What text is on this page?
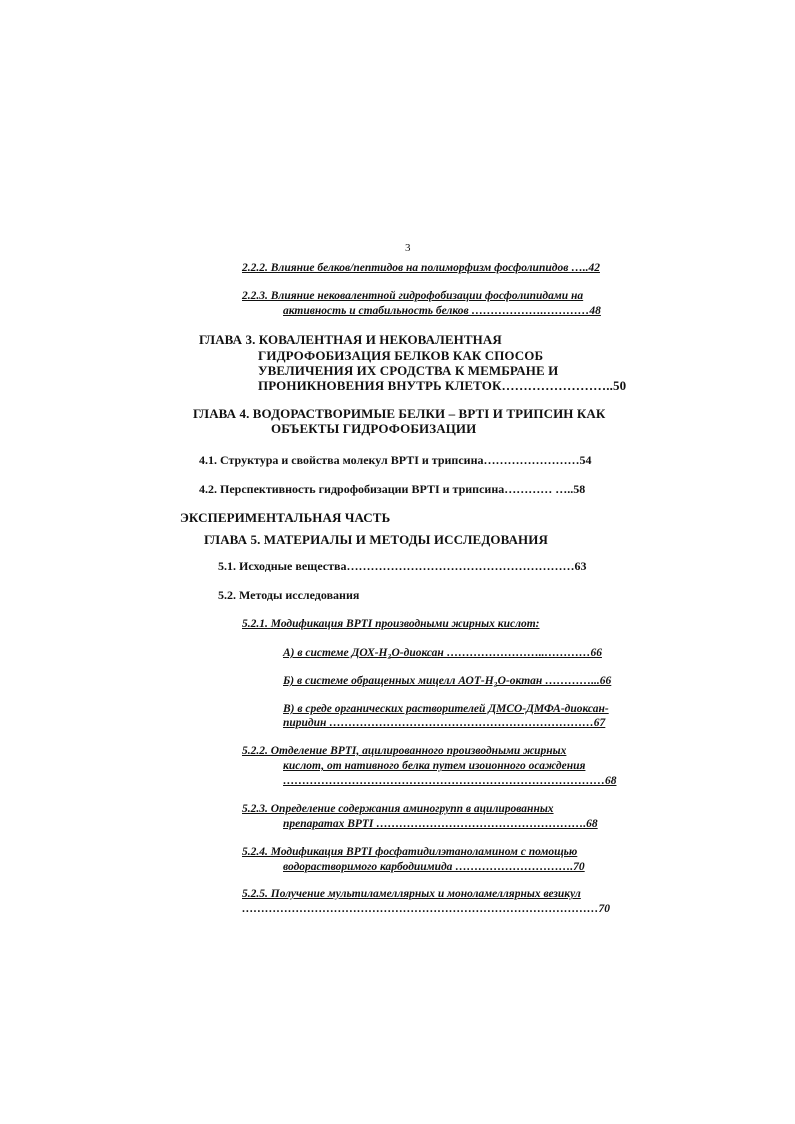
3
2.2.2. Влияние белков/пептидов на полиморфизм фосфолипидов …..42
2.2.3. Влияние нековалентной гидрофобизации фосфолипидами на
активность и стабильность белков ……………….…………48
ГЛАВА 3. КОВАЛЕНТНАЯ И НЕКОВАЛЕНТНАЯ
ГИДРОФОБИЗАЦИЯ БЕЛКОВ КАК СПОСОБ
УВЕЛИЧЕНИЯ ИХ СРОДСТВА К МЕМБРАНЕ И
ПРОНИКНОВЕНИЯ ВНУТРЬ КЛЕТОК……………………..50
ГЛАВА 4. ВОДОРАСТВОРИМЫЕ БЕЛКИ – ВРТI И ТРИПСИН КАК
ОБЪЕКТЫ ГИДРОФОБИЗАЦИИ
4.1. Структура и свойства молекул ВРТI и трипсина……………………54
4.2. Перспективность гидрофобизации ВРТI и трипсина………… …..58
ЭКСПЕРИМЕНТАЛЬНАЯ ЧАСТЬ
ГЛАВА 5. МАТЕРИАЛЫ И МЕТОДЫ ИССЛЕДОВАНИЯ
5.1. Исходные вещества…………………………………………………63
5.2. Методы исследования
5.2.1. Модификация ВРТI производными жирных кислот:
А) в системе ДОХ-H₂O-диоксан ……………………..…………66
Б) в системе обращенных мицелл АОТ-H₂O-октан …………...66
В) в среде органических растворителей ДМСО-ДМФА-диоксан-
пиридин ……………………………………………………………67
5.2.2. Отделение ВРТI, ацилированного производными жирных
кислот, от нативного белка путем изоионного осаждения
…………………………………………………………………………68
5.2.3. Определение содержания аминогрупп в ацилированных
препаратах ВРТI ……………………………………………….68
5.2.4. Модификация ВРТI фосфатидилэтаноламином с помощью
водорастворимого карбодиимида ………………………….70
5.2.5. Получение мультиламеллярных и моноламеллярных везикул
…………………………………………………………………………………70
